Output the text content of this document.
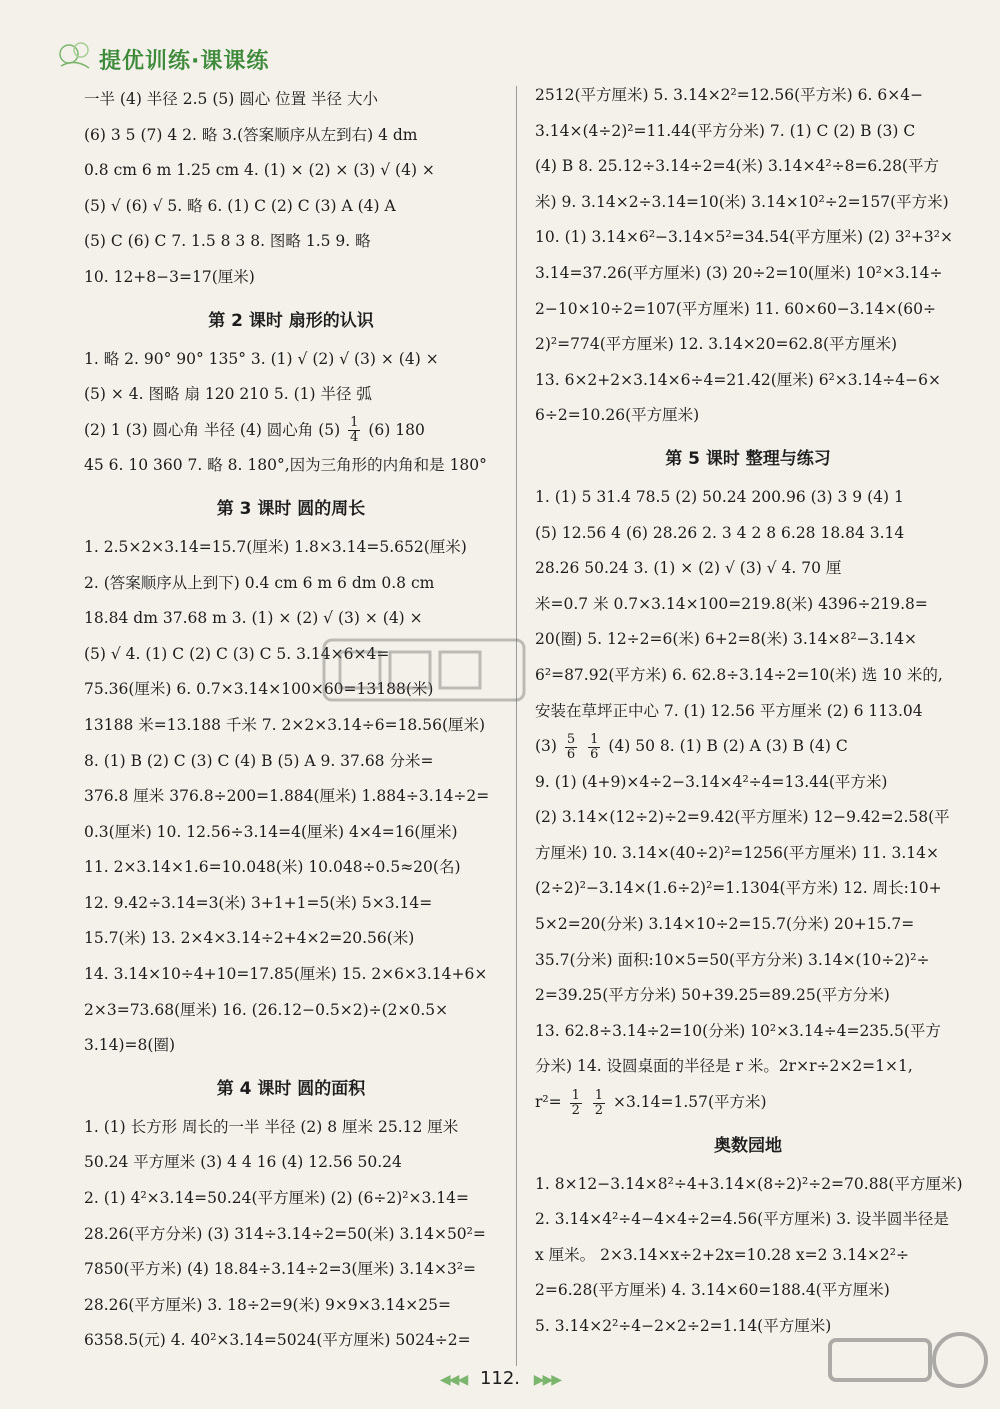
提优训练·课课练
一半 (4) 半径 2.5 (5) 圆心 位置 半径 大小
(6) 3 5 (7) 4 2. 略 3.(答案顺序从左到右) 4 dm
0.8 cm 6 m 1.25 cm 4. (1) × (2) × (3) √ (4) ×
(5) √ (6) √ 5. 略 6. (1) C (2) C (3) A (4) A
(5) C (6) C 7. 1.5 8 3 8. 图略 1.5 9. 略
10. 12+8−3=17(厘米)
第 2 课时 扇形的认识
1. 略 2. 90° 90° 135° 3. (1) √ (2) √ (3) × (4) ×
(5) × 4. 图略 扇 120 210 5. (1) 半径 弧
(2) 1 (3) 圆心角 半径 (4) 圆心角 $(5) \frac{1}{4} (6)$ 180
45 6. 10 360 7. 略 8. 180°,因为三角形的内角和是 180°
第 3 课时 圆的周长
1. 2.5×2×3.14=15.7(厘米) 1.8×3.14=5.652(厘米)
2. (答案顺序从上到下) 0.4 cm 6 m 6 dm 0.8 cm
18.84 dm 37.68 m 3. (1) × (2) √ (3) × (4) ×
(5) √ 4. (1) C (2) C (3) C 5. 3.14×6×4=
75.36(厘米) 6. 0.7×3.14×100×60=13188(米)
13188 米=13.188 千米 7. 2×2×3.14÷6=18.56(厘米)
8. (1) B (2) C (3) C (4) B (5) A 9. 37.68 分米=
376.8 厘米 376.8÷200=1.884(厘米) 1.884÷3.14÷2=
0.3(厘米) 10. 12.56÷3.14=4(厘米) 4×4=16(厘米)
11. 2×3.14×1.6=10.048(米) 10.048÷0.5≈20(名)
12. 9.42÷3.14=3(米) 3+1+1=5(米) 5×3.14=
15.7(米) 13. 2×4×3.14÷2+4×2=20.56(米)
14. 3.14×10÷4+10=17.85(厘米) 15. 2×6×3.14+6×
2×3=73.68(厘米) 16. (26.12−0.5×2)÷(2×0.5×
3.14)=8(圈)
第 4 课时 圆的面积
1. (1) 长方形 周长的一半 半径 (2) 8 厘米 25.12 厘米
50.24 平方厘米 (3) 4 4 16 (4) 12.56 50.24
2. (1) 4²×3.14=50.24(平方厘米) (2) (6÷2)²×3.14=
28.26(平方分米) (3) 314÷3.14÷2=50(米) 3.14×50²=
7850(平方米) (4) 18.84÷3.14÷2=3(厘米) 3.14×3²=
28.26(平方厘米) 3. 18÷2=9(米) 9×9×3.14×25=
6358.5(元) 4. 40²×3.14=5024(平方厘米) 5024÷2=
2512(平方厘米) 5. 3.14×2²=12.56(平方米) 6. 6×4−
3.14×(4÷2)²=11.44(平方分米) 7. (1) C (2) B (3) C
(4) B 8. 25.12÷3.14÷2=4(米) 3.14×4²÷8=6.28(平方
米) 9. 3.14×2÷3.14=10(米) 3.14×10²÷2=157(平方米)
10. (1) 3.14×6²−3.14×5²=34.54(平方厘米) (2) 3²+3²×
3.14=37.26(平方厘米) (3) 20÷2=10(厘米) 10²×3.14÷
2−10×10÷2=107(平方厘米) 11. 60×60−3.14×(60÷
2)²=774(平方厘米) 12. 3.14×20=62.8(平方厘米)
13. 6×2+2×3.14×6÷4=21.42(厘米) 6²×3.14÷4−6×
6÷2=10.26(平方厘米)
第 5 课时 整理与练习
1. (1) 5 31.4 78.5 (2) 50.24 200.96 (3) 3 9 (4) 1
(5) 12.56 4 (6) 28.26 2. 3 4 2 8 6.28 18.84 3.14
28.26 50.24 3. (1) × (2) √ (3) √ 4. 70 厘
米=0.7 米 0.7×3.14×100=219.8(米) 4396÷219.8=
20(圈) 5. 12÷2=6(米) 6+2=8(米) 3.14×8²−3.14×
6²=87.92(平方米) 6. 62.8÷3.14÷2=10(米) 选 10 米的,
安装在草坪正中心 7. (1) 12.56 平方厘米 (2) 6 113.04
$(3) \frac{5}{6}$
$\frac{1}{6} (4)$ 50 8. (1) B (2) A (3) B (4) C
9. (1) (4+9)×4÷2−3.14×4²÷4=13.44(平方米)
(2) 3.14×(12÷2)÷2=9.42(平方厘米) 12−9.42=2.58(平
方厘米) 10. 3.14×(40÷2)²=1256(平方厘米) 11. 3.14×
(2÷2)²−3.14×(1.6÷2)²=1.1304(平方米) 12. 周长:10+
5×2=20(分米) 3.14×10÷2=15.7(分米) 20+15.7=
35.7(分米) 面积:10×5=50(平方分米) 3.14×(10÷2)²÷
2=39.25(平方分米) 50+39.25=89.25(平方分米)
13. 62.8÷3.14÷2=10(分米) 10²×3.14÷4=235.5(平方
分米) 14. 设圆桌面的半径是 r 米。2r×r÷2×2=1×1,
$r^2= \frac{1}{2}$
$\frac{1}{2} \times 3.14=1.57$(平方米)
奥数园地
1. 8×12−3.14×8²÷4+3.14×(8÷2)²÷2=70.88(平方厘米)
2. 3.14×4²÷4−4×4÷2=4.56(平方厘米) 3. 设半圆半径是
x 厘米。 2×3.14×x÷2+2x=10.28 x=2 3.14×2²÷
2=6.28(平方厘米) 4. 3.14×60=188.4(平方厘米)
5. 3.14×2²÷4−2×2÷2=1.14(平方厘米)
◀◀◀ 112. ▶▶▶
